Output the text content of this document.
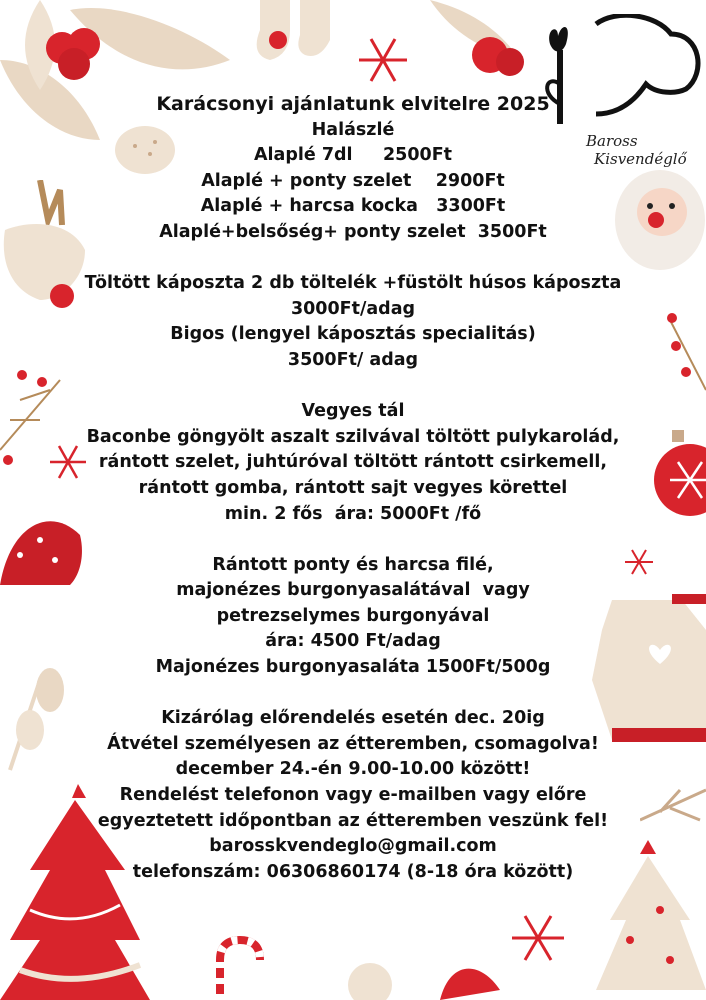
Baross
Kisvendéglő
Karácsonyi ajánlatunk elvitelre 2025
Halászlé
Alaplé 7dl     2500Ft
Alaplé + ponty szelet    2900Ft
Alaplé + harcsa kocka   3300Ft
Alaplé+belsőség+ ponty szelet  3500Ft
Töltött káposzta 2 db töltelék +füstölt húsos káposzta
3000Ft/adag
Bigos (lengyel káposztás specialitás)
3500Ft/ adag
Vegyes tál
Baconbe göngyölt aszalt szilvával töltött pulykarolád,
rántott szelet, juhtúróval töltött rántott csirkemell,
rántott gomba, rántott sajt vegyes körettel
min. 2 fős  ára: 5000Ft /fő
Rántott ponty és harcsa filé,
majonézes burgonyasalátával  vagy
petrezselymes burgonyával
ára: 4500 Ft/adag
Majonézes burgonyasaláta 1500Ft/500g
Kizárólag előrendelés esetén dec. 20ig
Átvétel személyesen az étteremben, csomagolva!
december 24.-én 9.00-10.00 között!
Rendelést telefonon vagy e-mailben vagy előre
egyeztetett időpontban az étteremben veszünk fel!
barosskvendeglo@gmail.com
telefonszám: 06306860174 (8-18 óra között)
